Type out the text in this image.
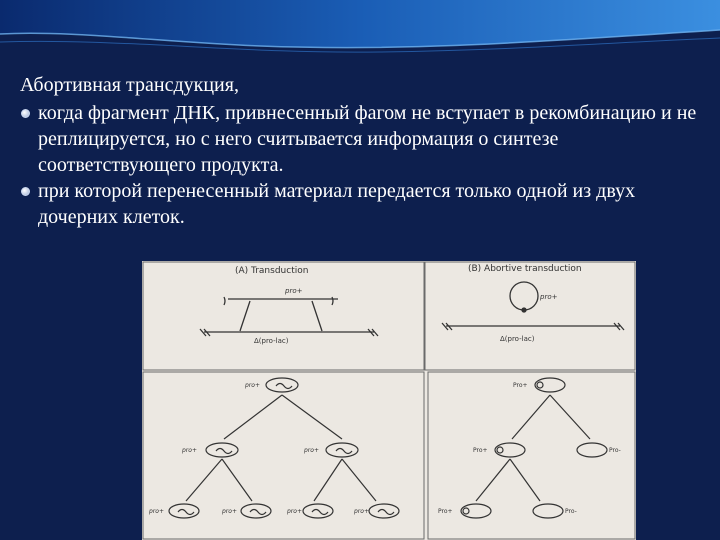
Абортивная трансдукция,
когда фрагмент ДНК, привнесенный фагом не вступает в рекомбинацию и не реплицируется, но с него считывается информация о синтезе соответствующего продукта.
при которой перенесенный материал передается только одной из двух дочерних клеток.
(A) Transduction	(B) Abortive transduction
pro+
Δ(pro-lac)
pro+
Δ(pro-lac)
pro+
pro+	pro+
pro+	pro+	pro+	pro+
Pro+
Pro+	Pro-
Pro+	Pro-
